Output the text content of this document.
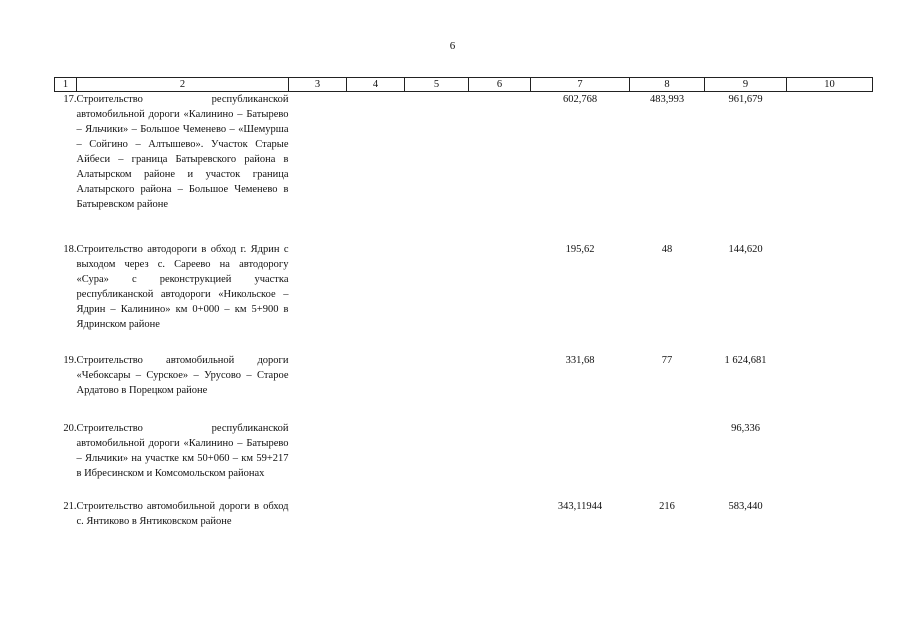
6
1	2	3	4	5	6	7	8	9	10
17.	Строительство республиканской автомобильной дороги «Калинино – Батырево – Яльчики» – Большое Чеменево – «Шемурша – Сойгино – Алтышево». Участок Старые Айбеси – граница Батыревского района в Алатырском районе и участок граница Алатырского района – Большое Чеменево в Батыревском районе					602,768	483,993	961,679	
18.	Строительство автодороги в обход г. Ядрин с выходом через с. Сареево на автодорогу «Сура» с реконструкцией участка республиканской автодороги «Никольское – Ядрин – Калинино» км 0+000 – км 5+900 в Ядринском районе					195,62	48	144,620	
19.	Строительство автомобильной дороги «Чебоксары – Сурское» – Урусово – Старое Ардатово в Порецком районе					331,68	77	1 624,681	
20.	Строительство республиканской автомобильной дороги «Калинино – Батырево – Яльчики» на участке км 50+060 – км 59+217 в Ибресинском и Комсомольском районах							96,336	
21.	Строительство автомобильной дороги в обход с. Янтиково в Янтиковском районе					343,11944	216	583,440	
